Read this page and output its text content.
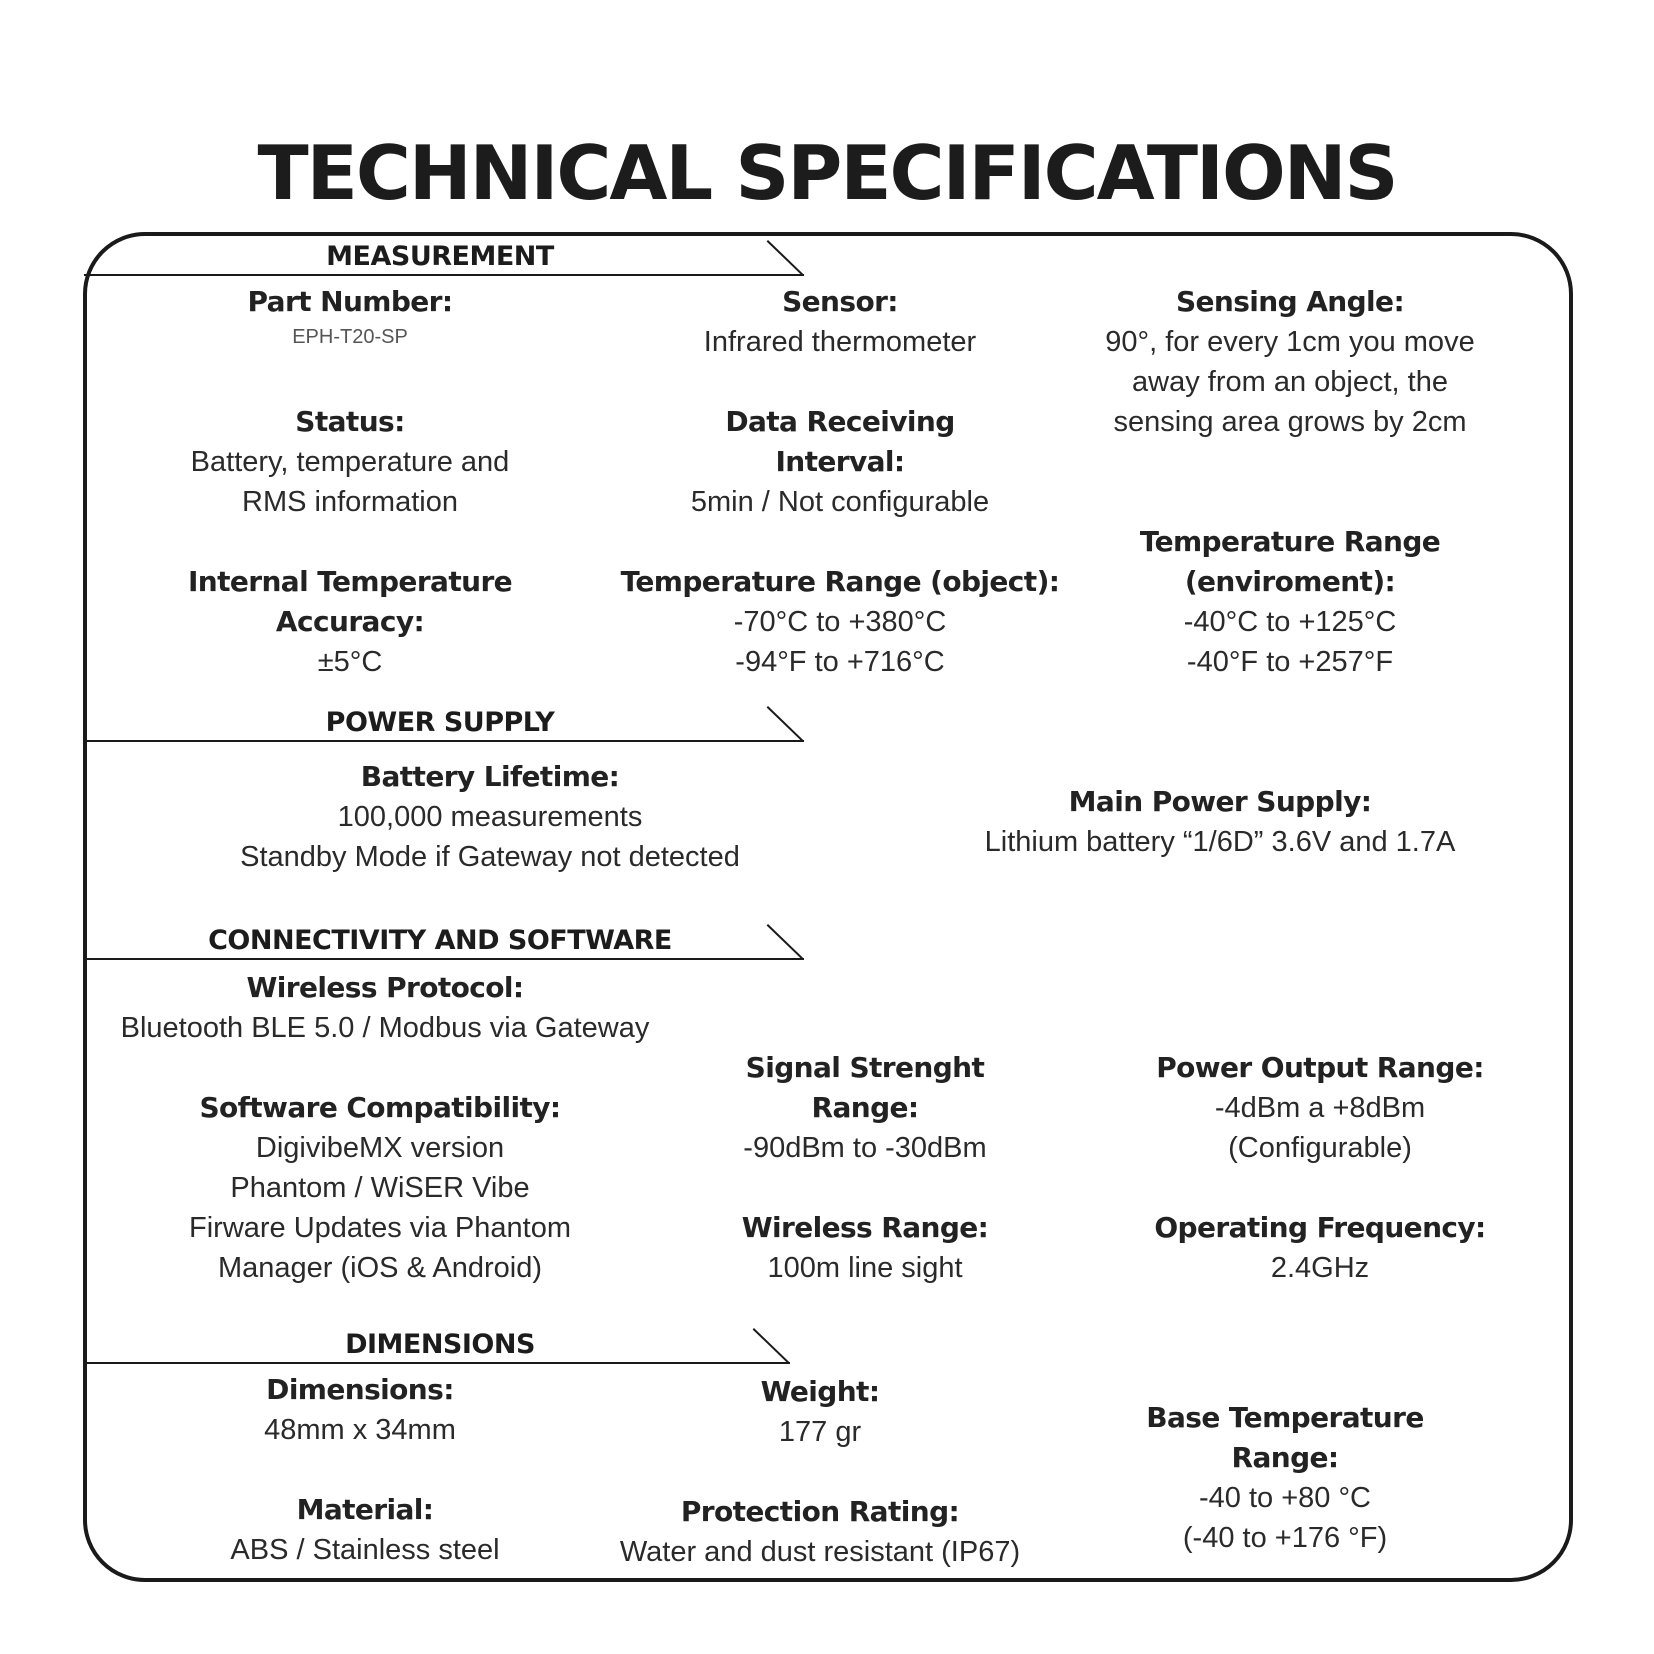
TECHNICAL SPECIFICATIONS
MEASUREMENT
Part Number:
EPH-T20-SP
Sensor:
Infrared thermometer
Sensing Angle:
90°, for every 1cm you move
away from an object, the
sensing area grows by 2cm
Status:
Battery, temperature and
RMS information
Data Receiving
Interval:
5min / Not configurable
Internal Temperature
Accuracy:
±5°C
Temperature Range (object):
-70°C to +380°C
-94°F to +716°C
Temperature Range
(enviroment):
-40°C to +125°C
-40°F to +257°F
POWER SUPPLY
Battery Lifetime:
100,000 measurements
Standby Mode if Gateway not detected
Main Power Supply:
Lithium battery “1/6D” 3.6V and 1.7A
CONNECTIVITY AND SOFTWARE
Wireless Protocol:
Bluetooth BLE 5.0 / Modbus via Gateway
Software Compatibility:
DigivibeMX version
Phantom / WiSER Vibe
Firware Updates via Phantom
Manager (iOS & Android)
Signal Strenght
Range:
-90dBm to -30dBm
Wireless Range:
100m line sight
Power Output Range:
-4dBm a +8dBm
(Configurable)
Operating Frequency:
2.4GHz
DIMENSIONS
Dimensions:
48mm x 34mm
Weight:
177 gr	Base Temperature
Range:
-40 to +80 °C
(-40 to +176 °F)
Material:
ABS / Stainless steel
Protection Rating:
Water and dust resistant (IP67)
